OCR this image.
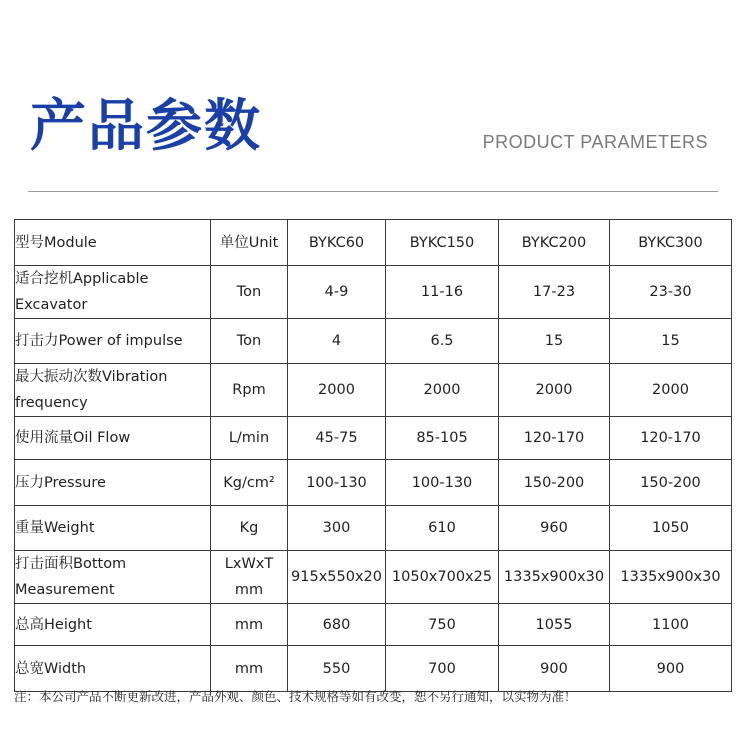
产品参数	PRODUCT PARAMETERS
型号Module	单位Unit	BYKC60	BYKC150	BYKC200	BYKC300
适合挖机Applicable Excavator	Ton	4-9	11-16	17-23	23-30
打击力Power of impulse	Ton	4	6.5	15	15
最大振动次数Vibration frequency	Rpm	2000	2000	2000	2000
使用流量Oil Flow	L/min	45-75	85-105	120-170	120-170
压力Pressure	Kg/cm²	100-130	100-130	150-200	150-200
重量Weight	Kg	300	610	960	1050
打击面积Bottom Measurement	LxWxT mm	915x550x20	1050x700x25	1335x900x30	1335x900x30
总高Height	mm	680	750	1055	1100
总宽Width	mm	550	700	900	900
注：本公司产品不断更新改进，产品外观、颜色、技术规格等如有改变，恕不另行通知，以实物为准！
